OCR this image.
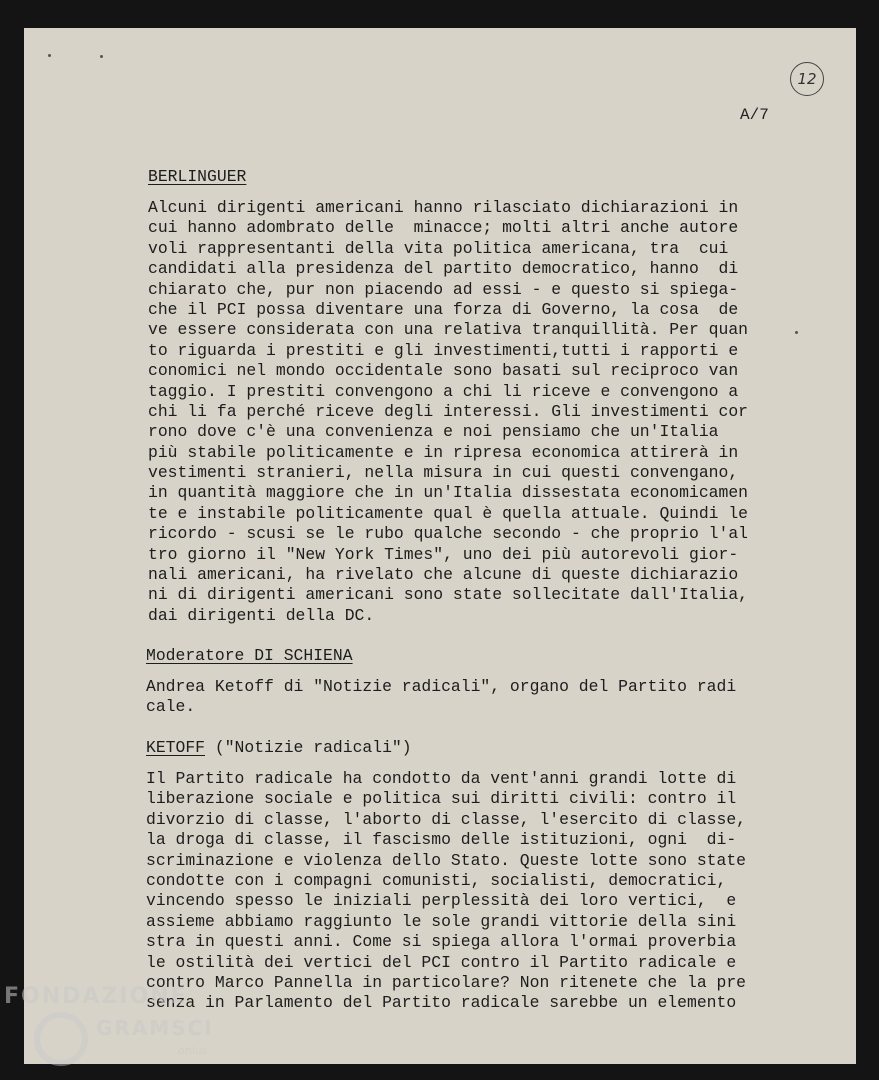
12
A/7
BERLINGUER
Alcuni dirigenti americani hanno rilasciato dichiarazioni in
cui hanno adombrato delle  minacce; molti altri anche autore
voli rappresentanti della vita politica americana, tra  cui
candidati alla presidenza del partito democratico, hanno  di
chiarato che, pur non piacendo ad essi - e questo si spiega-
che il PCI possa diventare una forza di Governo, la cosa  de
ve essere considerata con una relativa tranquillità. Per quan
to riguarda i prestiti e gli investimenti,tutti i rapporti e
conomici nel mondo occidentale sono basati sul reciproco van
taggio. I prestiti convengono a chi li riceve e convengono a
chi li fa perché riceve degli interessi. Gli investimenti cor
rono dove c'è una convenienza e noi pensiamo che un'Italia
più stabile politicamente e in ripresa economica attirerà in
vestimenti stranieri, nella misura in cui questi convengano,
in quantità maggiore che in un'Italia dissestata economicamen
te e instabile politicamente qual è quella attuale. Quindi le
ricordo - scusi se le rubo qualche secondo - che proprio l'al
tro giorno il "New York Times", uno dei più autorevoli gior-
nali americani, ha rivelato che alcune di queste dichiarazio
ni di dirigenti americani sono state sollecitate dall'Italia,
dai dirigenti della DC.
Moderatore DI SCHIENA
Andrea Ketoff di "Notizie radicali", organo del Partito radi
cale.
KETOFF ("Notizie radicali")
Il Partito radicale ha condotto da vent'anni grandi lotte di
liberazione sociale e politica sui diritti civili: contro il
divorzio di classe, l'aborto di classe, l'esercito di classe,
la droga di classe, il fascismo delle istituzioni, ogni  di-
scriminazione e violenza dello Stato. Queste lotte sono state
condotte con i compagni comunisti, socialisti, democratici,
vincendo spesso le iniziali perplessità dei loro vertici,  e
assieme abbiamo raggiunto le sole grandi vittorie della sini
stra in questi anni. Come si spiega allora l'ormai proverbia
le ostilità dei vertici del PCI contro il Partito radicale e
contro Marco Pannella in particolare? Non ritenete che la pre
senza in Parlamento del Partito radicale sarebbe un elemento
FONDAZIONE
GRAMSCI
onlus
